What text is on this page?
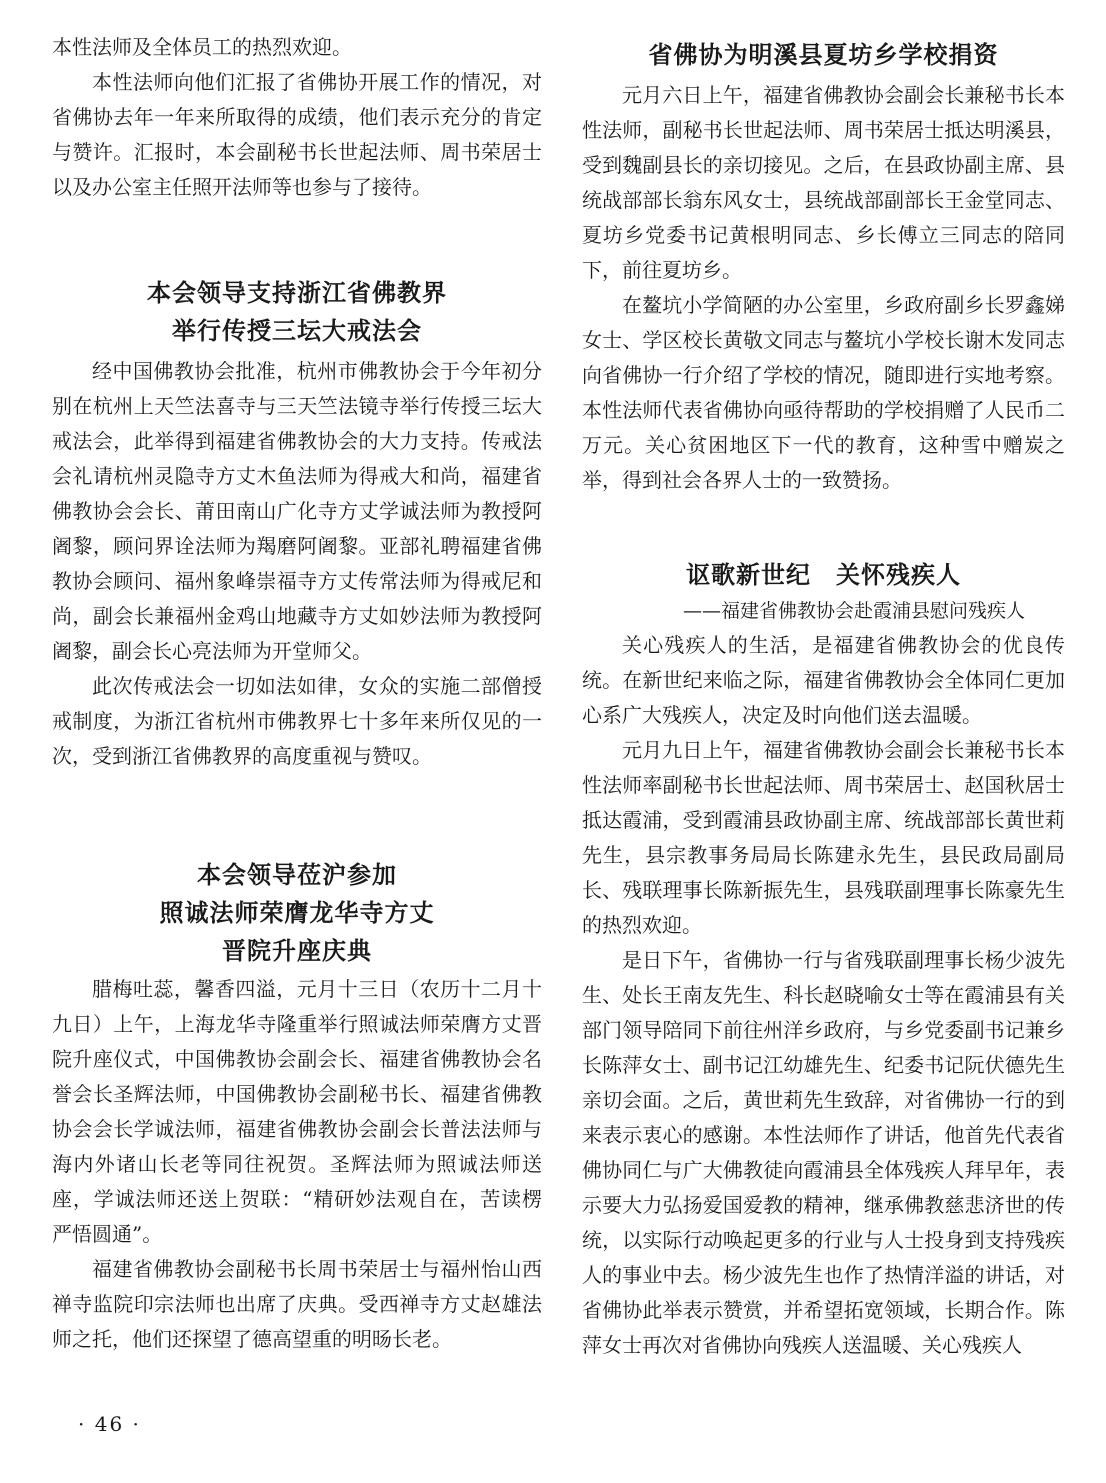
本性法师及全体员工的热烈欢迎。

本性法师向他们汇报了省佛协开展工作的情况，对省佛协去年一年来所取得的成绩，他们表示充分的肯定与赞许。汇报时，本会副秘书长世起法师、周书荣居士以及办公室主任照开法师等也参与了接待。

本会领导支持浙江省佛教界
举行传授三坛大戒法会

经中国佛教协会批准，杭州市佛教协会于今年初分别在杭州上天竺法喜寺与三天竺法镜寺举行传授三坛大戒法会，此举得到福建省佛教协会的大力支持。传戒法会礼请杭州灵隐寺方丈木鱼法师为得戒大和尚，福建省佛教协会会长、莆田南山广化寺方丈学诚法师为教授阿阇黎，顾问界诠法师为羯磨阿阇黎。亚部礼聘福建省佛教协会顾问、福州象峰崇福寺方丈传常法师为得戒尼和尚，副会长兼福州金鸡山地藏寺方丈如妙法师为教授阿阇黎，副会长心亮法师为开堂师父。

此次传戒法会一切如法如律，女众的实施二部僧授戒制度，为浙江省杭州市佛教界七十多年来所仅见的一次，受到浙江省佛教界的高度重视与赞叹。

本会领导莅沪参加
照诚法师荣膺龙华寺方丈
晋院升座庆典

腊梅吐蕊，馨香四溢，元月十三日（农历十二月十九日）上午，上海龙华寺隆重举行照诚法师荣膺方丈晋院升座仪式，中国佛教协会副会长、福建省佛教协会名誉会长圣辉法师，中国佛教协会副秘书长、福建省佛教协会会长学诚法师，福建省佛教协会副会长普法法师与海内外诸山长老等同往祝贺。圣辉法师为照诚法师送座，学诚法师还送上贺联：“精研妙法观自在，苦读楞严悟圆通”。

福建省佛教协会副秘书长周书荣居士与福州怡山西禅寺监院印宗法师也出席了庆典。受西禅寺方丈赵雄法师之托，他们还探望了德高望重的明旸长老。

省佛协为明溪县夏坊乡学校捐资

元月六日上午，福建省佛教协会副会长兼秘书长本性法师，副秘书长世起法师、周书荣居士抵达明溪县，受到魏副县长的亲切接见。之后，在县政协副主席、县统战部部长翁东风女士，县统战部副部长王金堂同志、夏坊乡党委书记黄根明同志、乡长傅立三同志的陪同下，前往夏坊乡。

在鳌坑小学简陋的办公室里，乡政府副乡长罗鑫娣女士、学区校长黄敬文同志与鳌坑小学校长谢木发同志向省佛协一行介绍了学校的情况，随即进行实地考察。本性法师代表省佛协向亟待帮助的学校捐赠了人民币二万元。关心贫困地区下一代的教育，这种雪中赠炭之举，得到社会各界人士的一致赞扬。

讴歌新世纪　关怀残疾人
——福建省佛教协会赴霞浦县慰问残疾人

关心残疾人的生活，是福建省佛教协会的优良传统。在新世纪来临之际，福建省佛教协会全体同仁更加心系广大残疾人，决定及时向他们送去温暖。

元月九日上午，福建省佛教协会副会长兼秘书长本性法师率副秘书长世起法师、周书荣居士、赵国秋居士抵达霞浦，受到霞浦县政协副主席、统战部部长黄世莉先生，县宗教事务局局长陈建永先生，县民政局副局长、残联理事长陈新振先生，县残联副理事长陈豪先生的热烈欢迎。

是日下午，省佛协一行与省残联副理事长杨少波先生、处长王南友先生、科长赵晓喻女士等在霞浦县有关部门领导陪同下前往州洋乡政府，与乡党委副书记兼乡长陈萍女士、副书记江幼雄先生、纪委书记阮伏德先生亲切会面。之后，黄世莉先生致辞，对省佛协一行的到来表示衷心的感谢。本性法师作了讲话，他首先代表省佛协同仁与广大佛教徒向霞浦县全体残疾人拜早年，表示要大力弘扬爱国爱教的精神，继承佛教慈悲济世的传统，以实际行动唤起更多的行业与人士投身到支持残疾人的事业中去。杨少波先生也作了热情洋溢的讲话，对省佛协此举表示赞赏，并希望拓宽领域，长期合作。陈萍女士再次对省佛协向残疾人送温暖、关心残疾人

· 46 ·
